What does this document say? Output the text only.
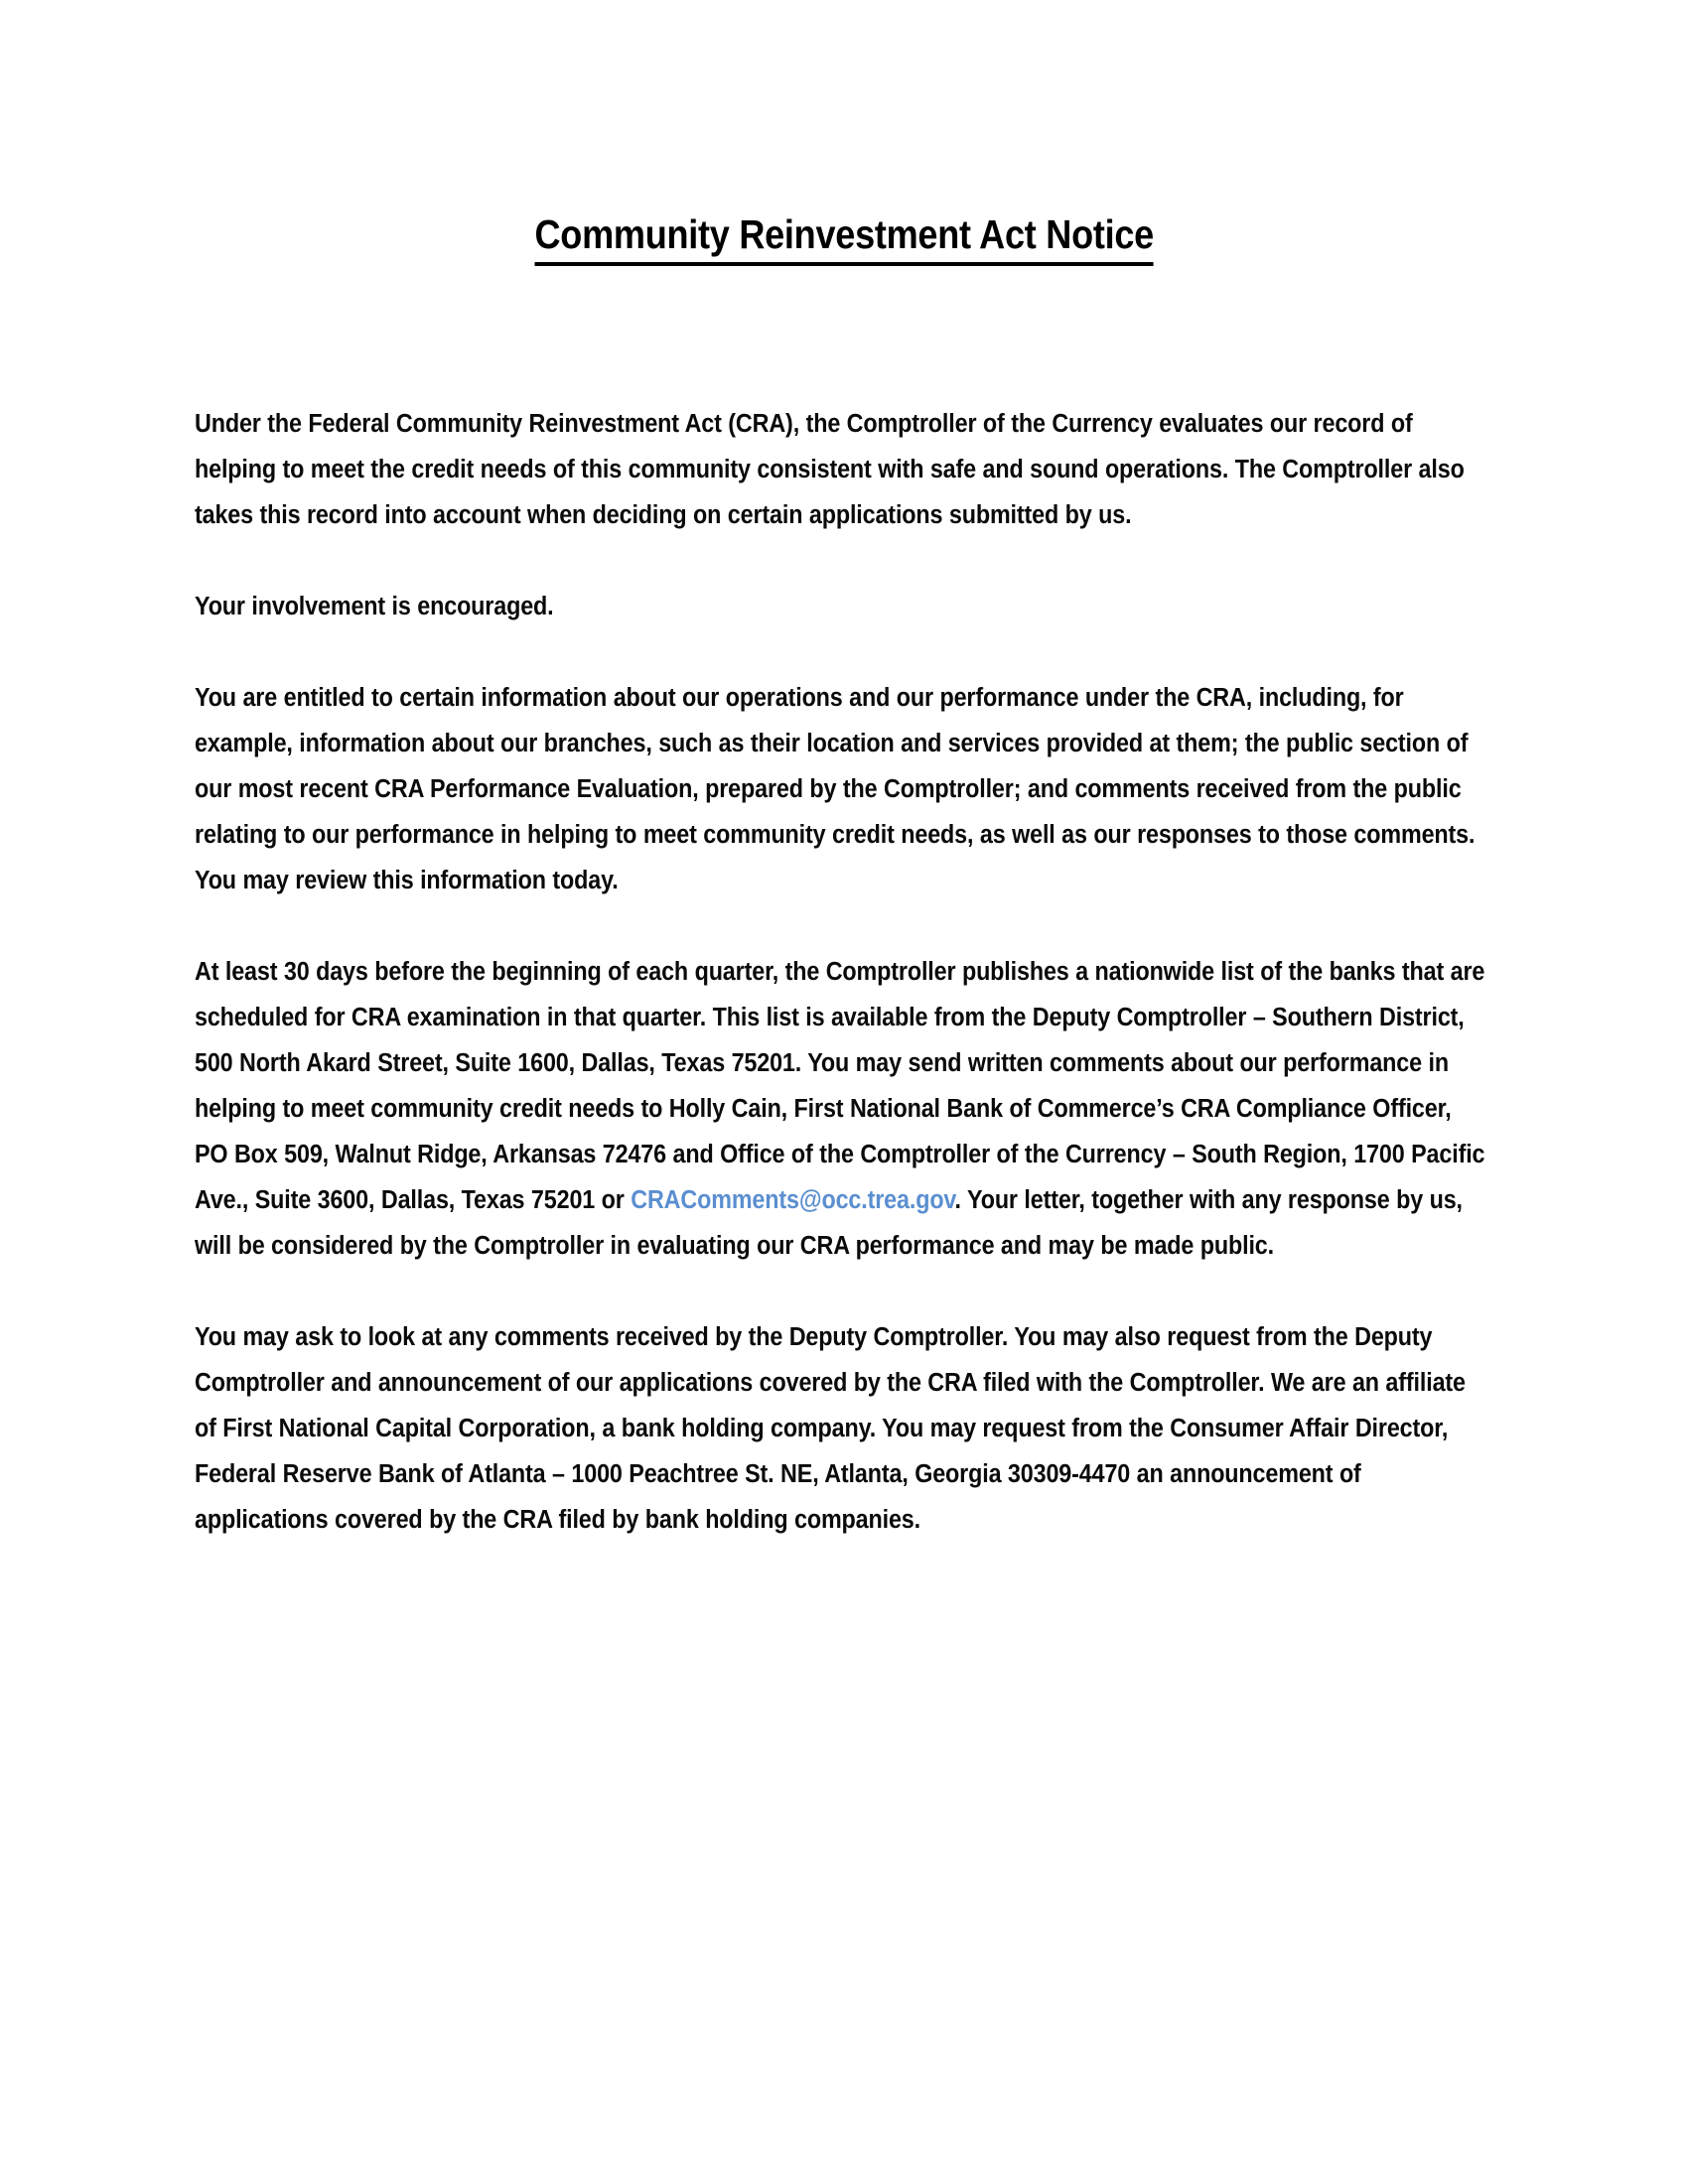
Community Reinvestment Act Notice

Under the Federal Community Reinvestment Act (CRA), the Comptroller of the Currency evaluates our record of helping to meet the credit needs of this community consistent with safe and sound operations. The Comptroller also takes this record into account when deciding on certain applications submitted by us.

Your involvement is encouraged.

You are entitled to certain information about our operations and our performance under the CRA, including, for example, information about our branches, such as their location and services provided at them; the public section of our most recent CRA Performance Evaluation, prepared by the Comptroller; and comments received from the public relating to our performance in helping to meet community credit needs, as well as our responses to those comments. You may review this information today.

At least 30 days before the beginning of each quarter, the Comptroller publishes a nationwide list of the banks that are scheduled for CRA examination in that quarter. This list is available from the Deputy Comptroller – Southern District, 500 North Akard Street, Suite 1600, Dallas, Texas 75201. You may send written comments about our performance in helping to meet community credit needs to Holly Cain, First National Bank of Commerce’s CRA Compliance Officer, PO Box 509, Walnut Ridge, Arkansas 72476 and Office of the Comptroller of the Currency – South Region, 1700 Pacific Ave., Suite 3600, Dallas, Texas 75201 or CRAComments@occ.trea.gov. Your letter, together with any response by us, will be considered by the Comptroller in evaluating our CRA performance and may be made public.

You may ask to look at any comments received by the Deputy Comptroller. You may also request from the Deputy Comptroller and announcement of our applications covered by the CRA filed with the Comptroller. We are an affiliate of First National Capital Corporation, a bank holding company. You may request from the Consumer Affair Director, Federal Reserve Bank of Atlanta – 1000 Peachtree St. NE, Atlanta, Georgia 30309-4470 an announcement of applications covered by the CRA filed by bank holding companies.
